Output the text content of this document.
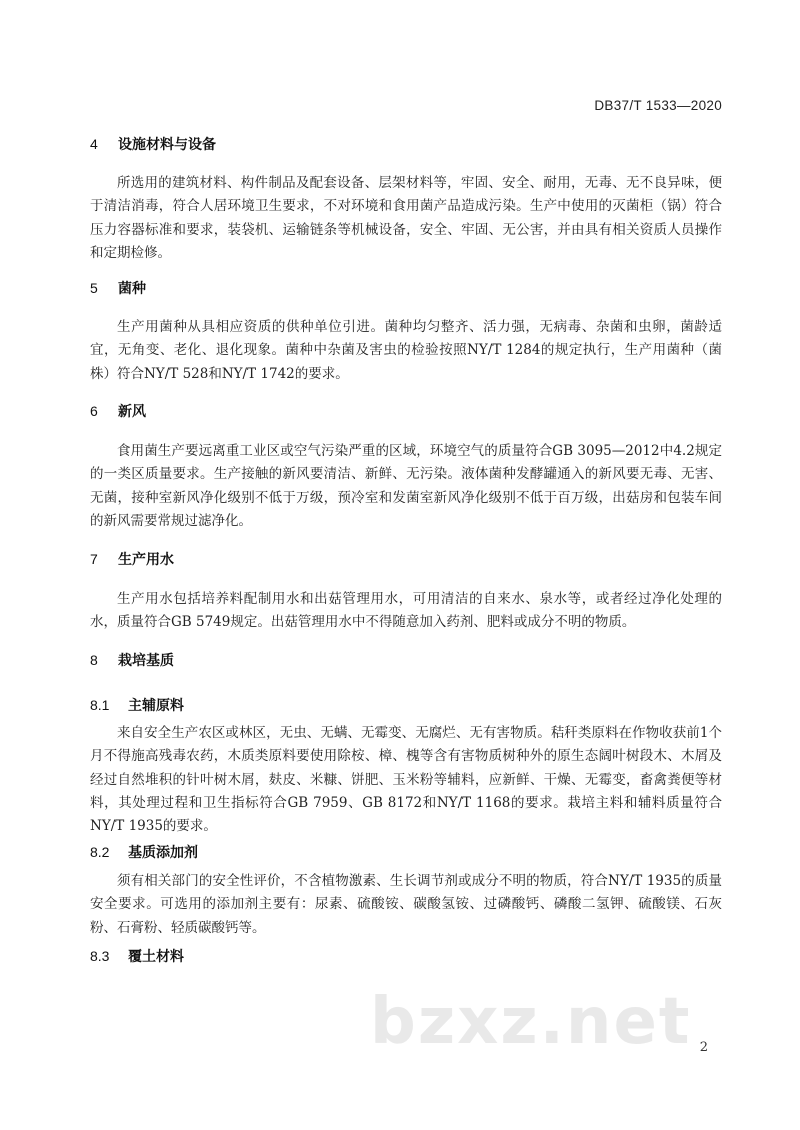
DB37/T 1533—2020
4 设施材料与设备

所选用的建筑材料、构件制品及配套设备、层架材料等，牢固、安全、耐用，无毒、无不良异味，便于清洁消毒，符合人居环境卫生要求，不对环境和食用菌产品造成污染。生产中使用的灭菌柜（锅）符合压力容器标准和要求，装袋机、运输链条等机械设备，安全、牢固、无公害，并由具有相关资质人员操作和定期检修。

5 菌种

生产用菌种从具相应资质的供种单位引进。菌种均匀整齐、活力强，无病毒、杂菌和虫卵，菌龄适宜，无角变、老化、退化现象。菌种中杂菌及害虫的检验按照NY/T 1284的规定执行，生产用菌种（菌株）符合NY/T 528和NY/T 1742的要求。

6 新风

食用菌生产要远离重工业区或空气污染严重的区域，环境空气的质量符合GB 3095—2012中4.2规定的一类区质量要求。生产接触的新风要清洁、新鲜、无污染。液体菌种发酵罐通入的新风要无毒、无害、无菌，接种室新风净化级别不低于万级，预冷室和发菌室新风净化级别不低于百万级，出菇房和包装车间的新风需要常规过滤净化。

7 生产用水

生产用水包括培养料配制用水和出菇管理用水，可用清洁的自来水、泉水等，或者经过净化处理的水，质量符合GB 5749规定。出菇管理用水中不得随意加入药剂、肥料或成分不明的物质。

8 栽培基质
8.1 主辅原料

来自安全生产农区或林区，无虫、无螨、无霉变、无腐烂、无有害物质。秸秆类原料在作物收获前1个月不得施高残毒农药，木质类原料要使用除桉、樟、槐等含有害物质树种外的原生态阔叶树段木、木屑及经过自然堆积的针叶树木屑，麸皮、米糠、饼肥、玉米粉等辅料，应新鲜、干燥、无霉变，畜禽粪便等材料，其处理过程和卫生指标符合GB 7959、GB 8172和NY/T 1168的要求。栽培主料和辅料质量符合NY/T 1935的要求。

8.2 基质添加剂

须有相关部门的安全性评价，不含植物激素、生长调节剂或成分不明的物质，符合NY/T 1935的质量安全要求。可选用的添加剂主要有：尿素、硫酸铵、碳酸氢铵、过磷酸钙、磷酸二氢钾、硫酸镁、石灰粉、石膏粉、轻质碳酸钙等。

8.3 覆土材料
bzxz.net 2
